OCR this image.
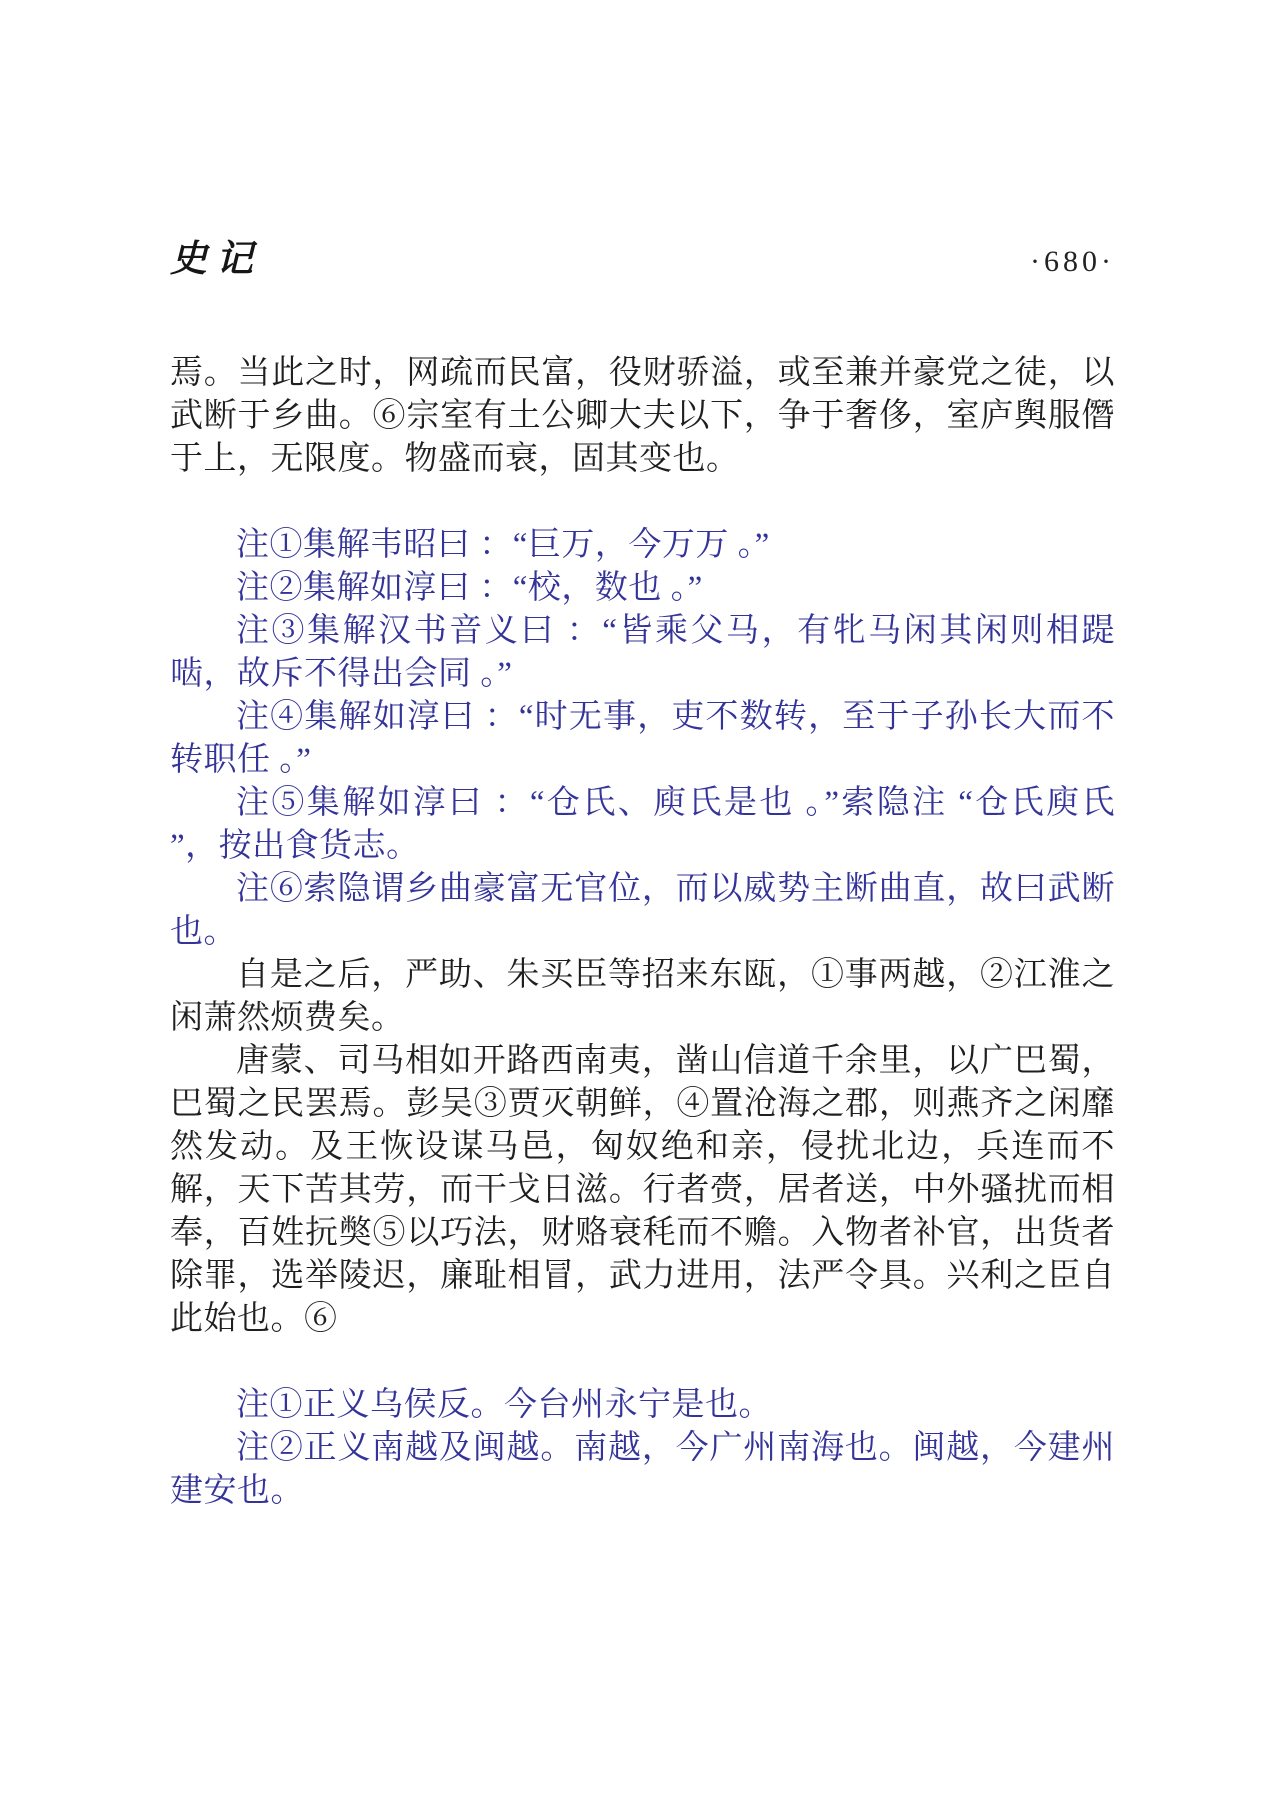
史记	·680·

焉。当此之时，网疏而民富，役财骄溢，或至兼并豪党之徒，以武断于乡曲。⑥宗室有土公卿大夫以下，争于奢侈，室庐舆服僭于上，无限度。物盛而衰，固其变也。

注①集解韦昭曰 ：“巨万，今万万 。”

注②集解如淳曰 ：“校，数也 。”

注③集解汉书音义曰 ：“皆乘父马，有牝马闲其闲则相踶啮，故斥不得出会同 。”

注④集解如淳曰 ：“时无事，吏不数转，至于子孙长大而不转职任 。”

注⑤集解如淳曰 ：“仓氏、庾氏是也 。”索隐注 “仓氏庾氏 ”，按出食货志。

注⑥索隐谓乡曲豪富无官位，而以威势主断曲直，故曰武断也。

自是之后，严助、朱买臣等招来东瓯，①事两越，②江淮之闲萧然烦费矣。

唐蒙、司马相如开路西南夷，凿山信道千余里，以广巴蜀，巴蜀之民罢焉。彭吴③贾灭朝鲜，④置沧海之郡，则燕齐之闲靡然发动。及王恢设谋马邑，匈奴绝和亲，侵扰北边，兵连而不解，天下苦其劳，而干戈日滋。行者赍，居者送，中外骚扰而相奉，百姓抏獘⑤以巧法，财赂衰秏而不赡。入物者补官，出货者除罪，选举陵迟，廉耻相冒，武力进用，法严令具。兴利之臣自此始也。⑥

注①正义乌侯反。今台州永宁是也。

注②正义南越及闽越。南越，今广州南海也。闽越，今建州建安也。
